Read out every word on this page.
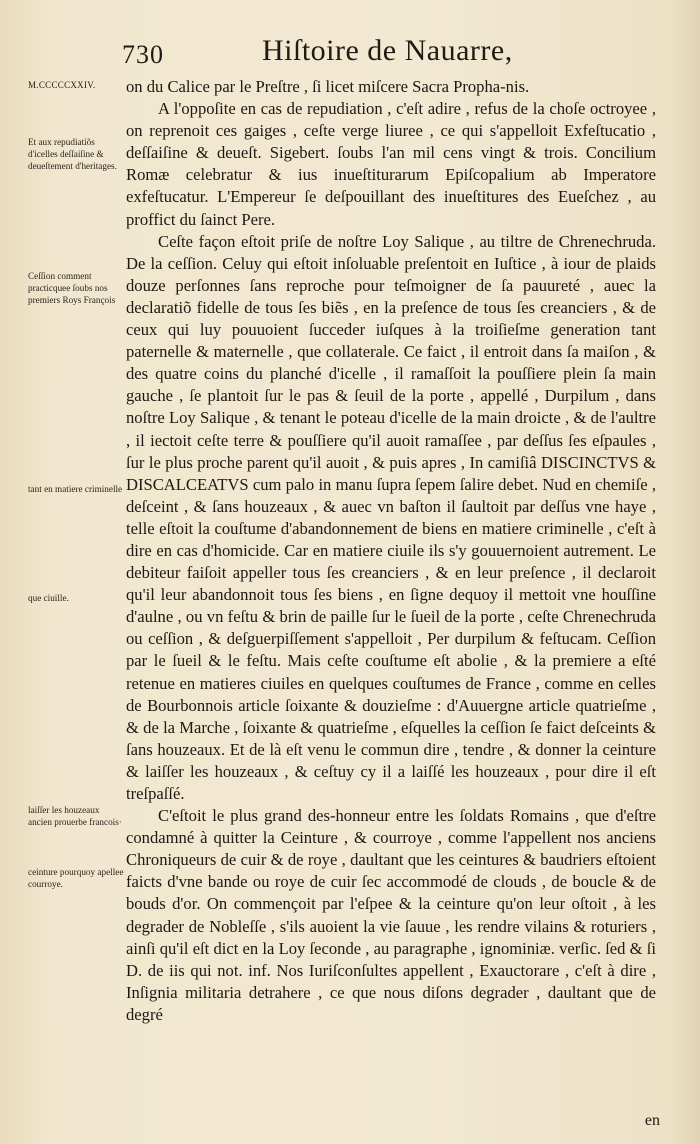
730	Hiſtoire de Nauarre,
M.CCCCCXXIV.
Et aux repudiatiõs d'icelles deſſaiſine & deueſtement d'heritages.
Ceſſion comment practicquee ſoubs nos premiers Roys François
tant en matiere criminelle
que ciuille.
laiſſer les houzeaux ancien prouerbe francois·
ceinture pourquoy apellee courroye.

on du Calice par le Preſtre , ſi licet miſcere Sacra Propha-nis.

A l'oppoſite en cas de repudiation , c'eſt adire , refus de la choſe octroyee , on reprenoit ces gaiges , ceſte verge liuree , ce qui s'appelloit Exfeſtucatio , deſſaiſine & deueſt. Sigebert. ſoubs l'an mil cens vingt & trois. Concilium Romæ celebratur & ius inueſtiturarum Epiſcopalium ab Imperatore exfeſtucatur. L'Empereur ſe deſpouillant des inueſtitures des Eueſchez , au proffict du ſainct Pere.

Ceſte façon eſtoit priſe de noſtre Loy Salique , au tiltre de Chrenechruda. De la ceſſion. Celuy qui eſtoit inſoluable preſentoit en Iuſtice , à iour de plaids douze perſonnes ſans reproche pour teſmoigner de ſa pauureté , auec la declaratiõ fidelle de tous ſes biẽs , en la preſence de tous ſes creanciers , & de ceux qui luy pouuoient ſucceder iuſques à la troiſieſme generation tant paternelle & maternelle , que collaterale. Ce faict , il entroit dans ſa maiſon , & des quatre coins du planché d'icelle , il ramaſſoit la pouſſiere plein ſa main gauche , ſe plantoit ſur le pas & ſeuil de la porte , appellé , Durpilum , dans noſtre Loy Salique , & tenant le poteau d'icelle de la main droicte , & de l'aultre , il iectoit ceſte terre & pouſſiere qu'il auoit ramaſſee , par deſſus ſes eſpaules , ſur le plus proche parent qu'il auoit , & puis apres , In camiſiâ DISCINCTVS & DISCALCEATVS cum palo in manu ſupra ſepem ſalire debet. Nud en chemiſe , deſceint , & ſans houzeaux , & auec vn baſton il ſaultoit par deſſus vne haye , telle eſtoit la couſtume d'abandonnement de biens en matiere criminelle , c'eſt à dire en cas d'homicide. Car en matiere ciuile ils s'y gouuernoient autrement. Le debiteur faiſoit appeller tous ſes creanciers , & en leur preſence , il declaroit qu'il leur abandonnoit tous ſes biens , en ſigne dequoy il mettoit vne houſſine d'aulne , ou vn feſtu & brin de paille ſur le ſueil de la porte , ceſte Chrenechruda ou ceſſion , & deſguerpiſſement s'appelloit , Per durpilum & feſtucam. Ceſſion par le ſueil & le feſtu. Mais ceſte couſtume eſt abolie , & la premiere a eſté retenue en matieres ciuiles en quelques couſtumes de France , comme en celles de Bourbonnois article ſoixante & douzieſme : d'Auuergne article quatrieſme , & de la Marche , ſoixante & quatrieſme , eſquelles la ceſſion ſe faict deſceints & ſans houzeaux. Et de là eſt venu le commun dire , tendre , & donner la ceinture & laiſſer les houzeaux , & ceſtuy cy il a laiſſé les houzeaux , pour dire il eſt treſpaſſé.

C'eſtoit le plus grand des-honneur entre les ſoldats Romains , que d'eſtre condamné à quitter la Ceinture , & courroye , comme l'appellent nos anciens Chroniqueurs de cuir & de roye , daultant que les ceintures & baudriers eſtoient faicts d'vne bande ou roye de cuir ſec accommodé de clouds , de boucle & de bouds d'or. On commençoit par l'eſpee & la ceinture qu'on leur oſtoit , à les degrader de Nobleſſe , s'ils auoient la vie ſauue , les rendre vilains & roturiers , ainſi qu'il eſt dict en la Loy ſeconde , au paragraphe , ignominiæ. verſic. ſed & ſi D. de iis qui not. inf. Nos Iuriſconſultes appellent , Exauctorare , c'eſt à dire , Inſignia militaria detrahere , ce que nous diſons degrader , daultant que de degré

en
